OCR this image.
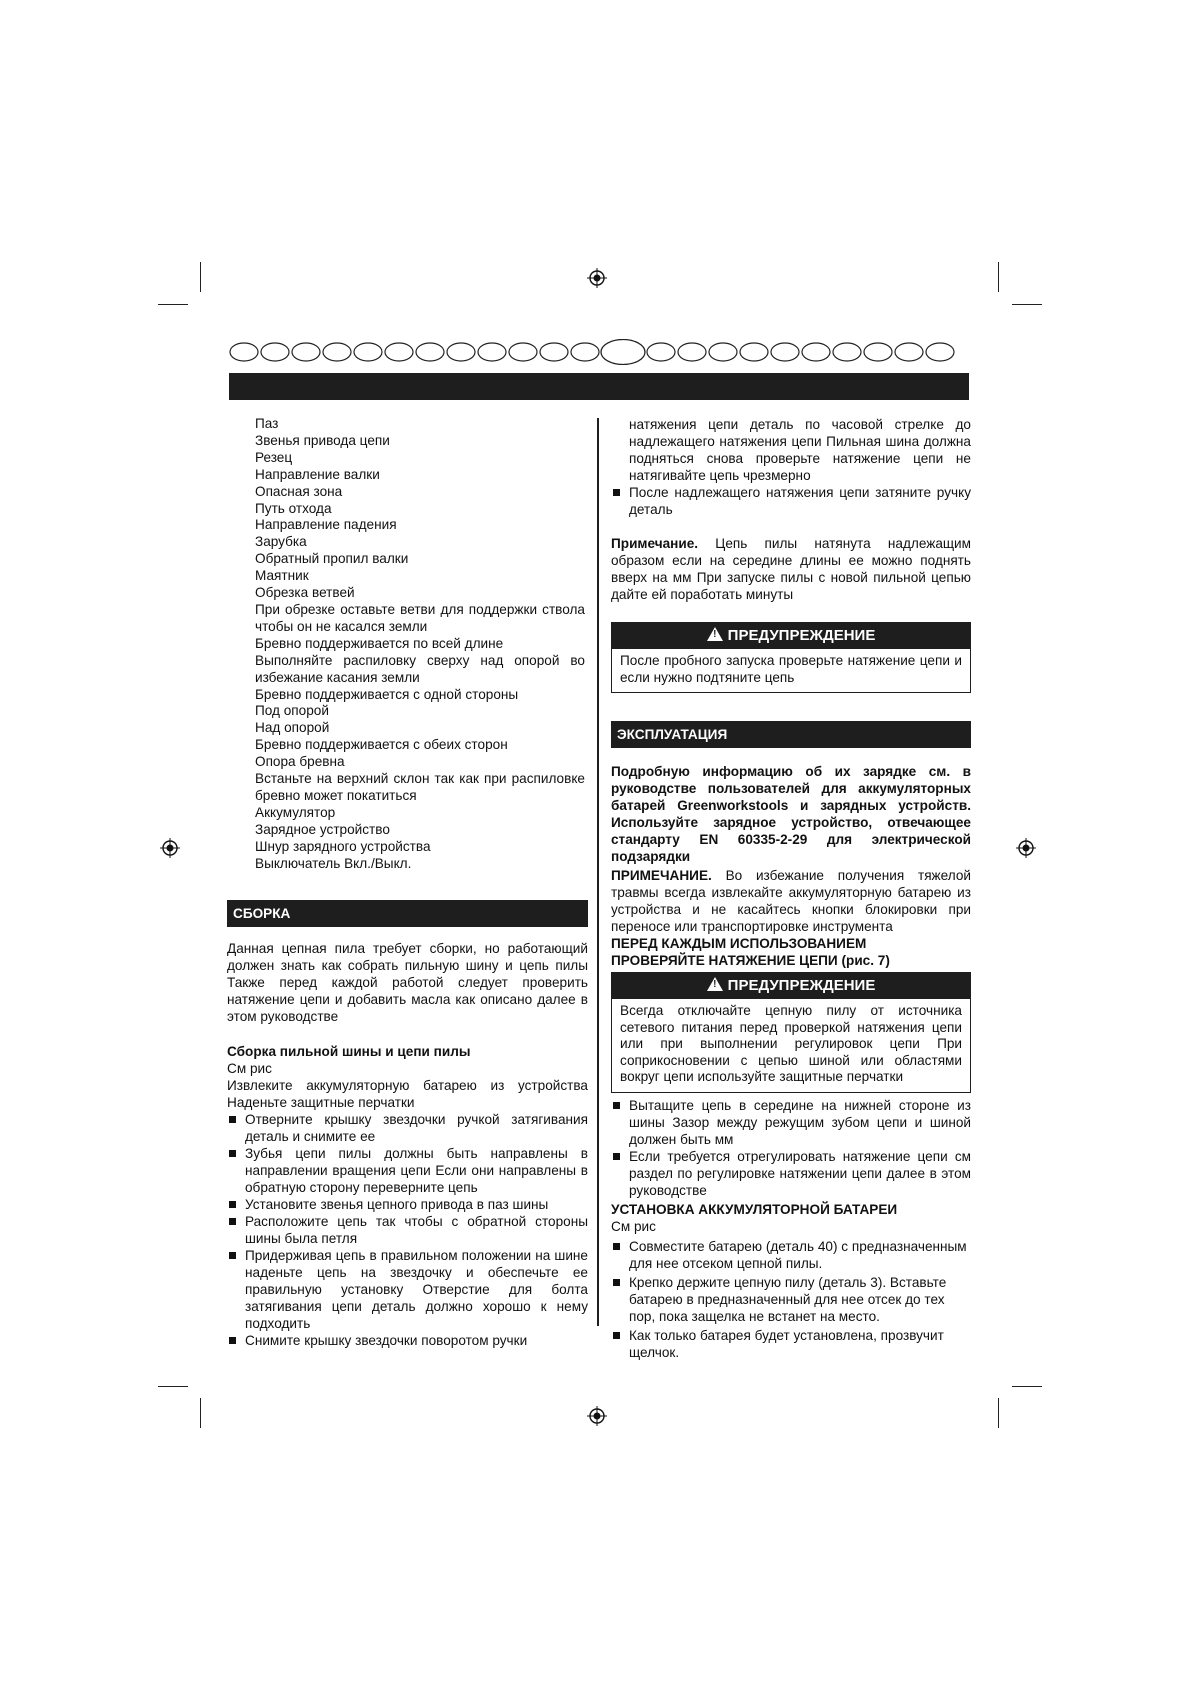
Паз
Звенья привода цепи
Резец
Направление валки
Опасная зона
Путь отхода
Направление падения
Зарубка
Обратный пропил валки
Маятник
Обрезка ветвей
При обрезке оставьте ветви для поддержки ствола чтобы он не касался земли
Бревно поддерживается по всей длине
Выполняйте распиловку сверху над опорой во избежание касания земли
Бревно поддерживается с одной стороны
Под опорой
Над опорой
Бревно поддерживается с обеих сторон
Опора бревна
Встаньте на верхний склон так как при распиловке бревно может покатиться
Аккумулятор
Зарядное устройство
Шнур зарядного устройства
Выключатель Вкл./Выкл.
СБОРКА

Данная цепная пила требует сборки, но работающий должен знать как собрать пильную шину и цепь пилы Также перед каждой работой следует проверить натяжение цепи и добавить масла как описано далее в этом руководстве

Сборка пильной шины и цепи пилы

См рис

Извлеките аккумуляторную батарею из устройства Наденьте защитные перчатки

Отверните крышку звездочки ручкой затягивания деталь и снимите ее
Зубья цепи пилы должны быть направлены в направлении вращения цепи Если они направлены в обратную сторону переверните цепь
Установите звенья цепного привода в паз шины
Расположите цепь так чтобы с обратной стороны шины была петля
Придерживая цепь в правильном положении на шине наденьте цепь на звездочку и обеспечьте ее правильную установку Отверстие для болта затягивания цепи деталь должно хорошо к нему подходить
Снимите крышку звездочки поворотом ручки

натяжения цепи деталь по часовой стрелке до надлежащего натяжения цепи Пильная шина должна подняться снова проверьте натяжение цепи не натягивайте цепь чрезмерно

После надлежащего натяжения цепи затяните ручку деталь

Примечание. Цепь пилы натянута надлежащим образом если на середине длины ее можно поднять вверх на мм При запуске пилы с новой пильной цепью дайте ей поработать минуты

! ПРЕДУПРЕЖДЕНИЕ
После пробного запуска проверьте натяжение цепи и если нужно подтяните цепь
ЭКСПЛУАТАЦИЯ

Подробную информацию об их зарядке см. в руководстве пользователей для аккумуляторных батарей Greenworkstools и зарядных устройств. Используйте зарядное устройство, отвечающее стандарту EN 60335-2-29 для электрической подзарядки

ПРИМЕЧАНИЕ. Во избежание получения тяжелой травмы всегда извлекайте аккумуляторную батарею из устройства и не касайтесь кнопки блокировки при переносе или транспортировке инструмента

ПЕРЕД КАЖДЫМ ИСПОЛЬЗОВАНИЕМ

ПРОВЕРЯЙТЕ НАТЯЖЕНИЕ ЦЕПИ (рис. 7)

! ПРЕДУПРЕЖДЕНИЕ
Всегда отключайте цепную пилу от источника сетевого питания перед проверкой натяжения цепи или при выполнении регулировок цепи При соприкосновении с цепью шиной или областями вокруг цепи используйте защитные перчатки
Вытащите цепь в середине на нижней стороне из шины Зазор между режущим зубом цепи и шиной должен быть мм
Если требуется отрегулировать натяжение цепи см раздел по регулировке натяжении цепи далее в этом руководстве

УСТАНОВКА АККУМУЛЯТОРНОЙ БАТАРЕИ

См рис

Совместите батарею (деталь 40) с предназначенным для нее отсеком цепной пилы.
Крепко держите цепную пилу (деталь 3). Вставьте батарею в предназначенный для нее отсек до тех пор, пока защелка не встанет на место.
Как только батарея будет установлена, прозвучит щелчок.
